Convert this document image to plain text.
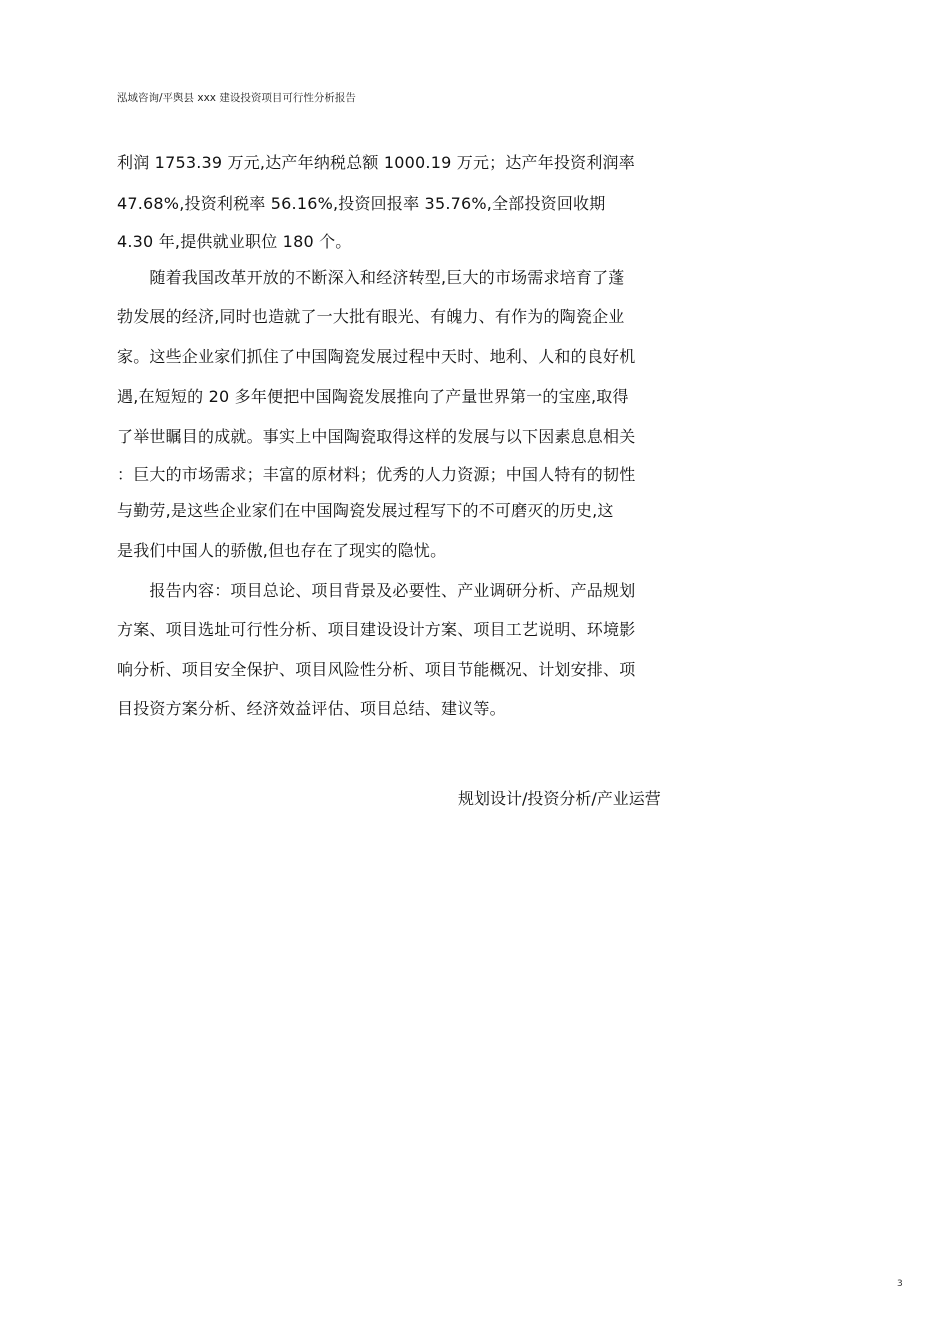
泓域咨询/平舆县 xxx 建设投资项目可行性分析报告
利润 1753.39 万元,达产年纳税总额 1000.19 万元；达产年投资利润率
47.68%,投资利税率 56.16%,投资回报率 35.76%,全部投资回收期
4.30 年,提供就业职位 180 个。
　　随着我国改革开放的不断深入和经济转型,巨大的市场需求培育了蓬
勃发展的经济,同时也造就了一大批有眼光、有魄力、有作为的陶瓷企业
家。这些企业家们抓住了中国陶瓷发展过程中天时、地利、人和的良好机
遇,在短短的 20 多年便把中国陶瓷发展推向了产量世界第一的宝座,取得
了举世瞩目的成就。事实上中国陶瓷取得这样的发展与以下因素息息相关
：巨大的市场需求；丰富的原材料；优秀的人力资源；中国人特有的韧性
与勤劳,是这些企业家们在中国陶瓷发展过程写下的不可磨灭的历史,这
是我们中国人的骄傲,但也存在了现实的隐忧。
　　报告内容：项目总论、项目背景及必要性、产业调研分析、产品规划
方案、项目选址可行性分析、项目建设设计方案、项目工艺说明、环境影
响分析、项目安全保护、项目风险性分析、项目节能概况、计划安排、项
目投资方案分析、经济效益评估、项目总结、建议等。
规划设计/投资分析/产业运营
3
